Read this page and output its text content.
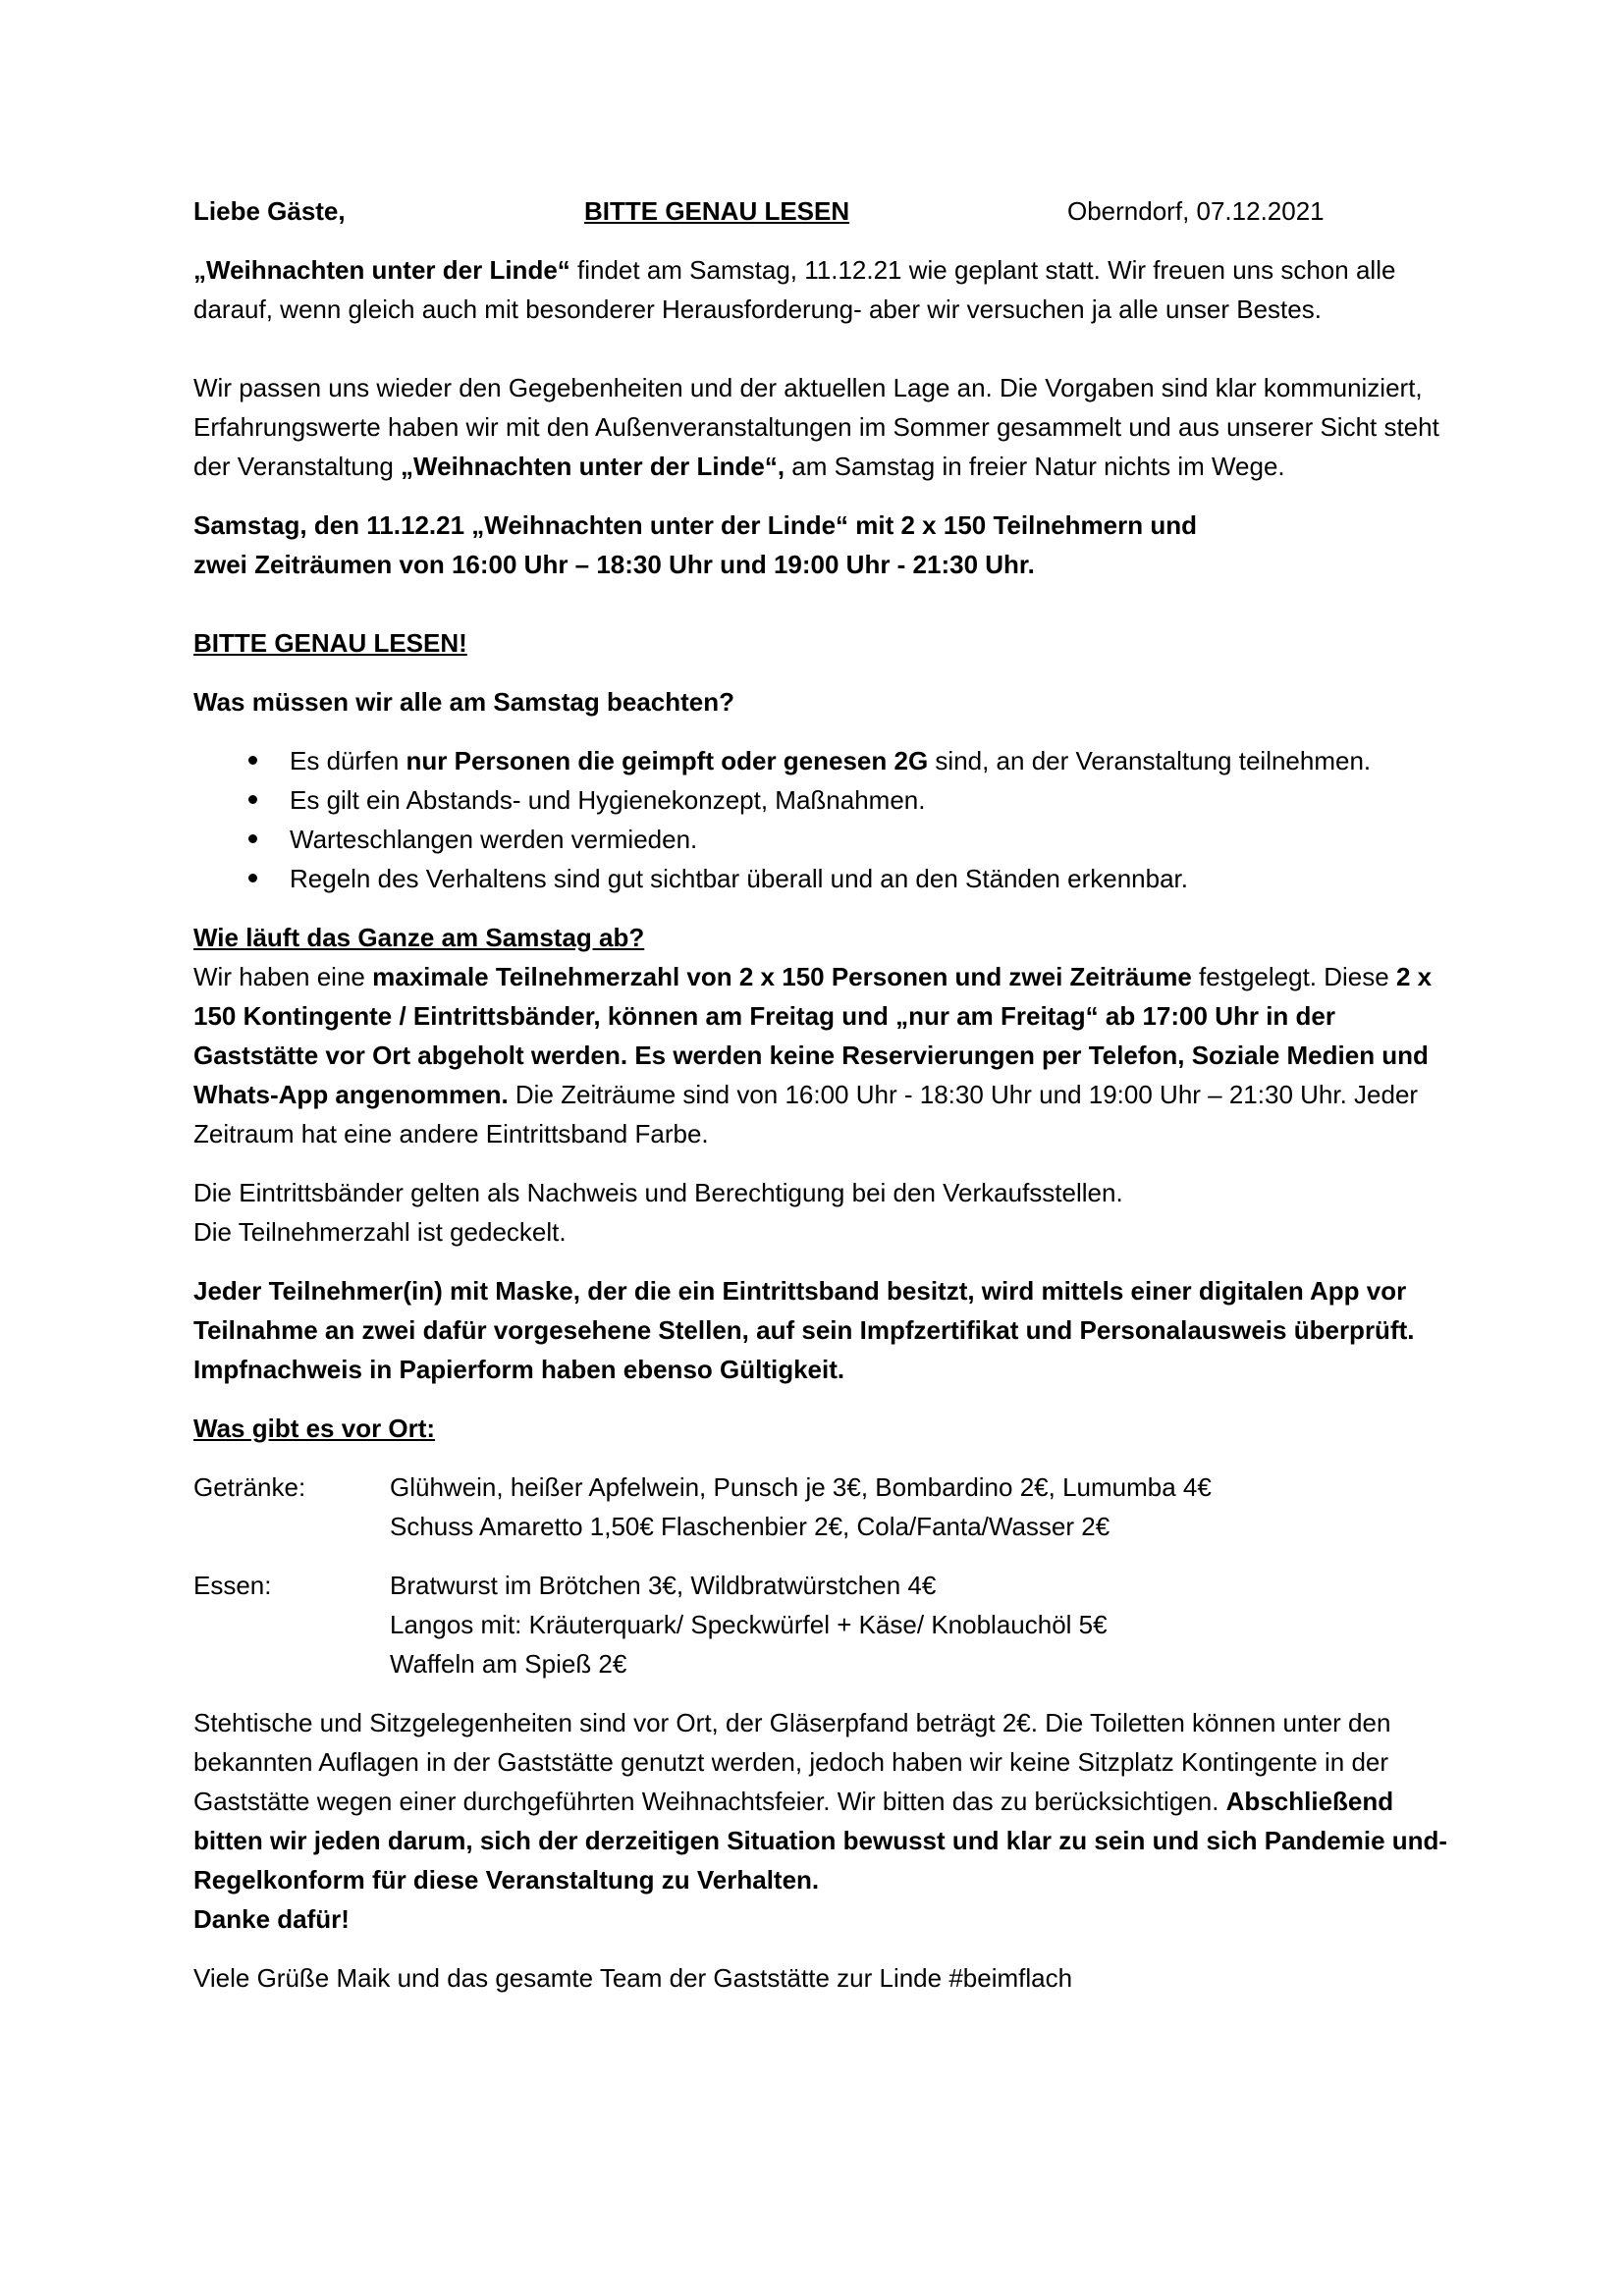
Liebe Gäste,	BITTE GENAU LESEN	Oberndorf, 07.12.2021

„Weihnachten unter der Linde“ findet am Samstag, 11.12.21 wie geplant statt. Wir freuen uns schon alle darauf, wenn gleich auch mit besonderer Herausforderung- aber wir versuchen ja alle unser Bestes.

Wir passen uns wieder den Gegebenheiten und der aktuellen Lage an. Die Vorgaben sind klar kommuniziert, Erfahrungswerte haben wir mit den Außenveranstaltungen im Sommer gesammelt und aus unserer Sicht steht der Veranstaltung „Weihnachten unter der Linde“, am Samstag in freier Natur nichts im Wege.

Samstag, den 11.12.21 „Weihnachten unter der Linde“ mit 2 x 150 Teilnehmern und
zwei Zeiträumen von 16:00 Uhr – 18:30 Uhr und 19:00 Uhr - 21:30 Uhr.

BITTE GENAU LESEN!

Was müssen wir alle am Samstag beachten?

Es dürfen nur Personen die geimpft oder genesen 2G sind, an der Veranstaltung teilnehmen.
Es gilt ein Abstands- und Hygienekonzept, Maßnahmen.
Warteschlangen werden vermieden.
Regeln des Verhaltens sind gut sichtbar überall und an den Ständen erkennbar.

Wie läuft das Ganze am Samstag ab?

Wir haben eine maximale Teilnehmerzahl von 2 x 150 Personen und zwei Zeiträume festgelegt. Diese 2 x 150 Kontingente / Eintrittsbänder, können am Freitag und „nur am Freitag“ ab 17:00 Uhr in der Gaststätte vor Ort abgeholt werden. Es werden keine Reservierungen per Telefon, Soziale Medien und Whats-App angenommen. Die Zeiträume sind von 16:00 Uhr - 18:30 Uhr und 19:00 Uhr – 21:30 Uhr. Jeder Zeitraum hat eine andere Eintrittsband Farbe.

Die Eintrittsbänder gelten als Nachweis und Berechtigung bei den Verkaufsstellen.
Die Teilnehmerzahl ist gedeckelt.

Jeder Teilnehmer(in) mit Maske, der die ein Eintrittsband besitzt, wird mittels einer digitalen App vor Teilnahme an zwei dafür vorgesehene Stellen, auf sein Impfzertifikat und Personalausweis überprüft. Impfnachweis in Papierform haben ebenso Gültigkeit.

Was gibt es vor Ort:

Getränke:	Glühwein, heißer Apfelwein, Punsch je 3€, Bombardino 2€, Lumumba 4€
Schuss Amaretto 1,50€ Flaschenbier 2€, Cola/Fanta/Wasser 2€
Essen:	Bratwurst im Brötchen 3€, Wildbratwürstchen 4€
Langos mit: Kräuterquark/ Speckwürfel + Käse/ Knoblauchöl 5€
Waffeln am Spieß 2€

Stehtische und Sitzgelegenheiten sind vor Ort, der Gläserpfand beträgt 2€. Die Toiletten können unter den bekannten Auflagen in der Gaststätte genutzt werden, jedoch haben wir keine Sitzplatz Kontingente in der Gaststätte wegen einer durchgeführten Weihnachtsfeier. Wir bitten das zu berücksichtigen. Abschließend bitten wir jeden darum, sich der derzeitigen Situation bewusst und klar zu sein und sich Pandemie und- Regelkonform für diese Veranstaltung zu Verhalten.
Danke dafür!

Viele Grüße Maik und das gesamte Team der Gaststätte zur Linde #beimflach
